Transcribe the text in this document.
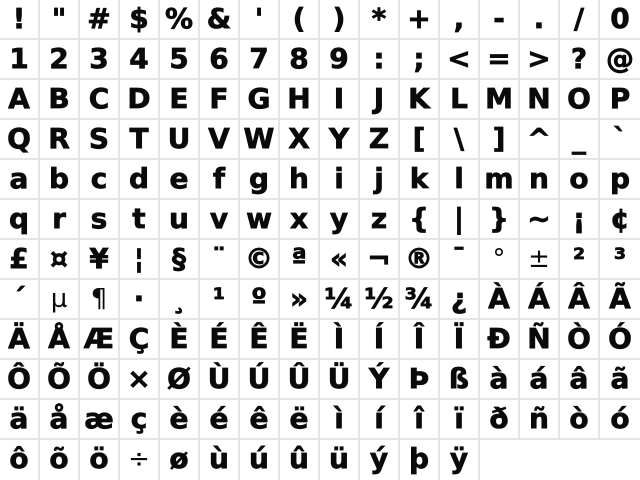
! " # $ % & '	( ) * + ,	-	.	/ 0
1 2 3 4 5 6 7 8 9 :	; < = > ? @
A B C D E F G H I	J K L M N O P
Q R S T U V W X Y Z [	\	] ^ _ `
a b c d e f g h i	j k l m n o p
q r s t u v w x y z { | } ~ ¡ ¢
£ ¤ ¥ ¦ § ¨ © ª « ¬ ® ¯	° ± ²	³
´ µ ¶ · ¸ ¹ º » ¼ ½ ¾ ¿ À Á Â Ã
Ä Å Æ Ç È É Ê Ë Ì	Í	Î	Ï Ð Ñ Ò Ó
Ô Õ Ö × Ø Ù Ú Û Ü Ý Þ ß à á â ã
ä å æ ç è é ê ë ì	í	î	ï ð ñ ò ó
ô õ ö ÷ ø ù ú û ü ý þ ÿ
